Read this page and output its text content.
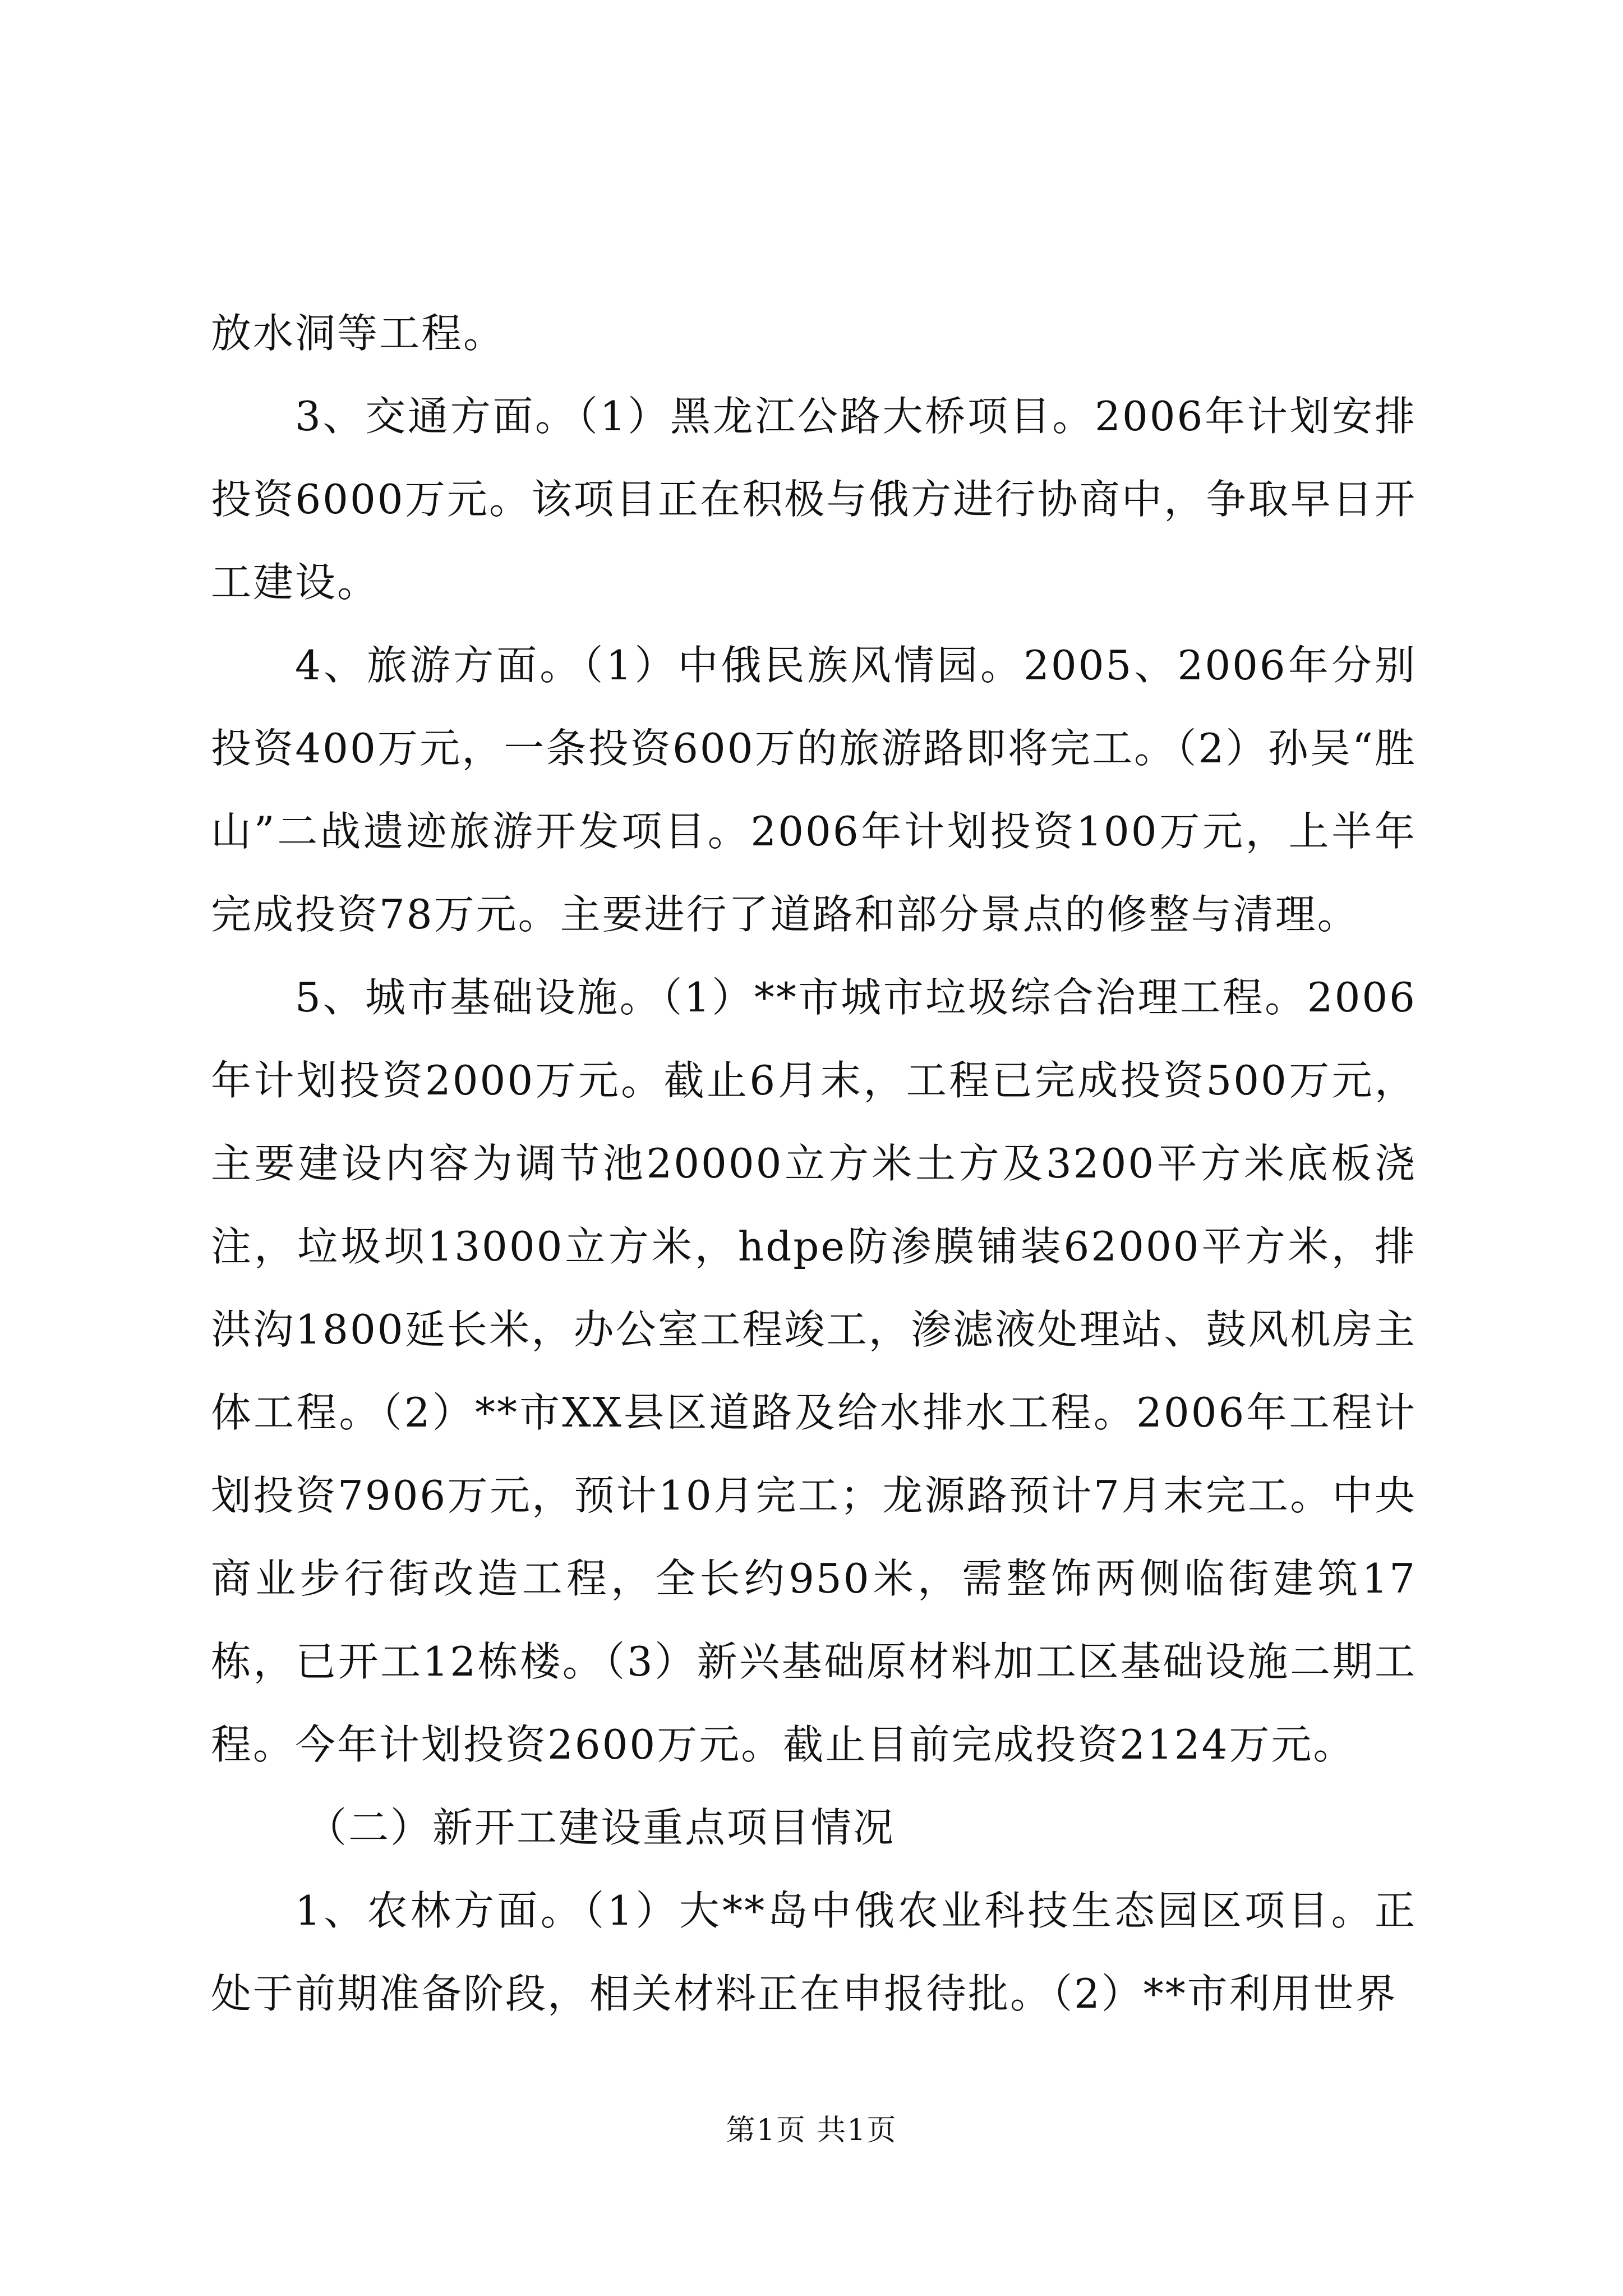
放水洞等工程。

3、交通方面。（1）黑龙江公路大桥项目。2006年计划安排投资6000万元。该项目正在积极与俄方进行协商中，争取早日开工建设。

4、旅游方面。（1）中俄民族风情园。2005、2006年分别投资400万元，一条投资600万的旅游路即将完工。（2）孙吴“胜山”二战遗迹旅游开发项目。2006年计划投资100万元，上半年完成投资78万元。主要进行了道路和部分景点的修整与清理。

5、城市基础设施。（1）**市城市垃圾综合治理工程。2006年计划投资2000万元。截止6月末，工程已完成投资500万元，主要建设内容为调节池20000立方米土方及3200平方米底板浇注，垃圾坝13000立方米，hdpe防渗膜铺装62000平方米，排洪沟1800延长米，办公室工程竣工，渗滤液处理站、鼓风机房主体工程。（2）**市XX县区道路及给水排水工程。2006年工程计划投资7906万元，预计10月完工；龙源路预计7月末完工。中央商业步行街改造工程，全长约950米，需整饰两侧临街建筑17栋，已开工12栋楼。（3）新兴基础原材料加工区基础设施二期工程。今年计划投资2600万元。截止目前完成投资2124万元。

（二）新开工建设重点项目情况

1、农林方面。（1）大**岛中俄农业科技生态园区项目。正处于前期准备阶段，相关材料正在申报待批。（2）**市利用世界

第1页 共1页
